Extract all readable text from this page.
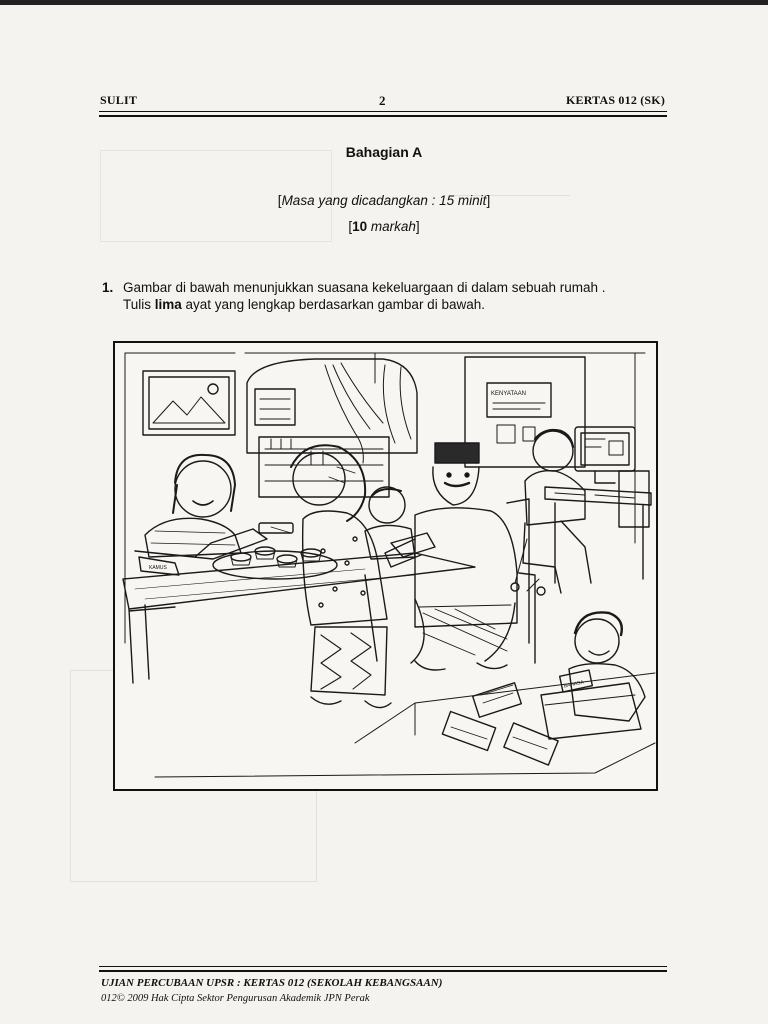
SULIT	2	KERTAS 012 (SK)
Bahagian A
[Masa yang dicadangkan : 15 minit]
[10 markah]
1. Gambar di bawah menunjukkan suasana kekeluargaan di dalam sebuah rumah .
Tulis lima ayat yang lengkap berdasarkan gambar di bawah.
KENYATAAN
KAMUS
BAHASA
UJIAN PERCUBAAN UPSR : KERTAS 012 (SEKOLAH KEBANGSAAN)
012© 2009 Hak Cipta Sektor Pengurusan Akademik JPN Perak
